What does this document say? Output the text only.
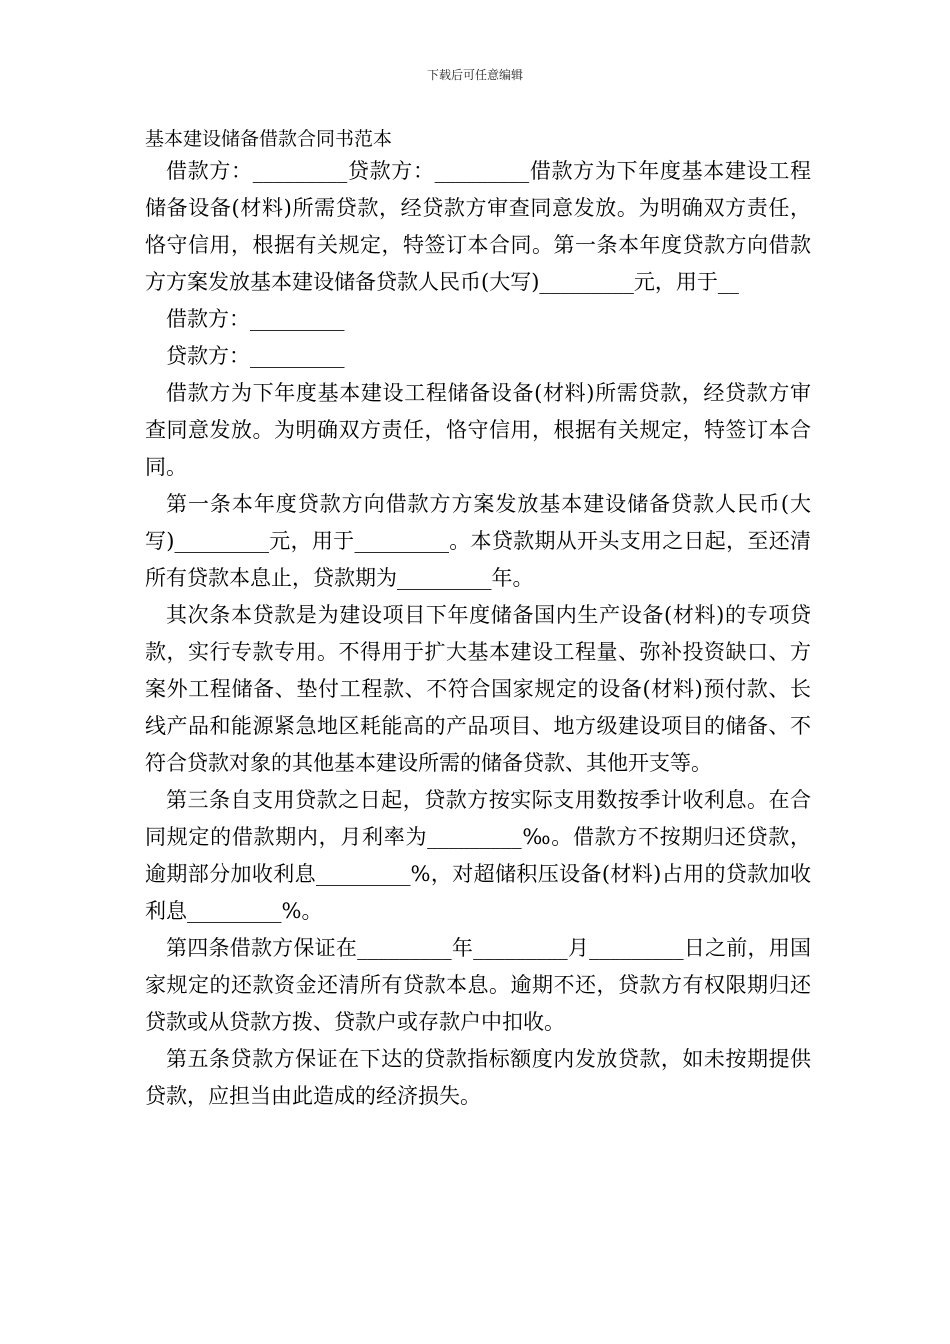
下载后可任意编辑
基本建设储备借款合同书范本

借款方：_________贷款方：_________借款方为下年度基本建设工程储备设备(材料)所需贷款，经贷款方审查同意发放。为明确双方责任，恪守信用，根据有关规定，特签订本合同。第一条本年度贷款方向借款方方案发放基本建设储备贷款人民币(大写)_________元，用于__

借款方：_________

贷款方：_________

借款方为下年度基本建设工程储备设备(材料)所需贷款，经贷款方审查同意发放。为明确双方责任，恪守信用，根据有关规定，特签订本合同。

第一条本年度贷款方向借款方方案发放基本建设储备贷款人民币(大写)_________元，用于_________。本贷款期从开头支用之日起，至还清所有贷款本息止，贷款期为_________年。

其次条本贷款是为建设项目下年度储备国内生产设备(材料)的专项贷款，实行专款专用。不得用于扩大基本建设工程量、弥补投资缺口、方案外工程储备、垫付工程款、不符合国家规定的设备(材料)预付款、长线产品和能源紧急地区耗能高的产品项目、地方级建设项目的储备、不符合贷款对象的其他基本建设所需的储备贷款、其他开支等。

第三条自支用贷款之日起，贷款方按实际支用数按季计收利息。在合同规定的借款期内，月利率为_________‰。借款方不按期归还贷款，逾期部分加收利息_________%，对超储积压设备(材料)占用的贷款加收利息_________%。

第四条借款方保证在_________年_________月_________日之前，用国家规定的还款资金还清所有贷款本息。逾期不还，贷款方有权限期归还贷款或从贷款方拨、贷款户或存款户中扣收。

第五条贷款方保证在下达的贷款指标额度内发放贷款，如未按期提供贷款，应担当由此造成的经济损失。
